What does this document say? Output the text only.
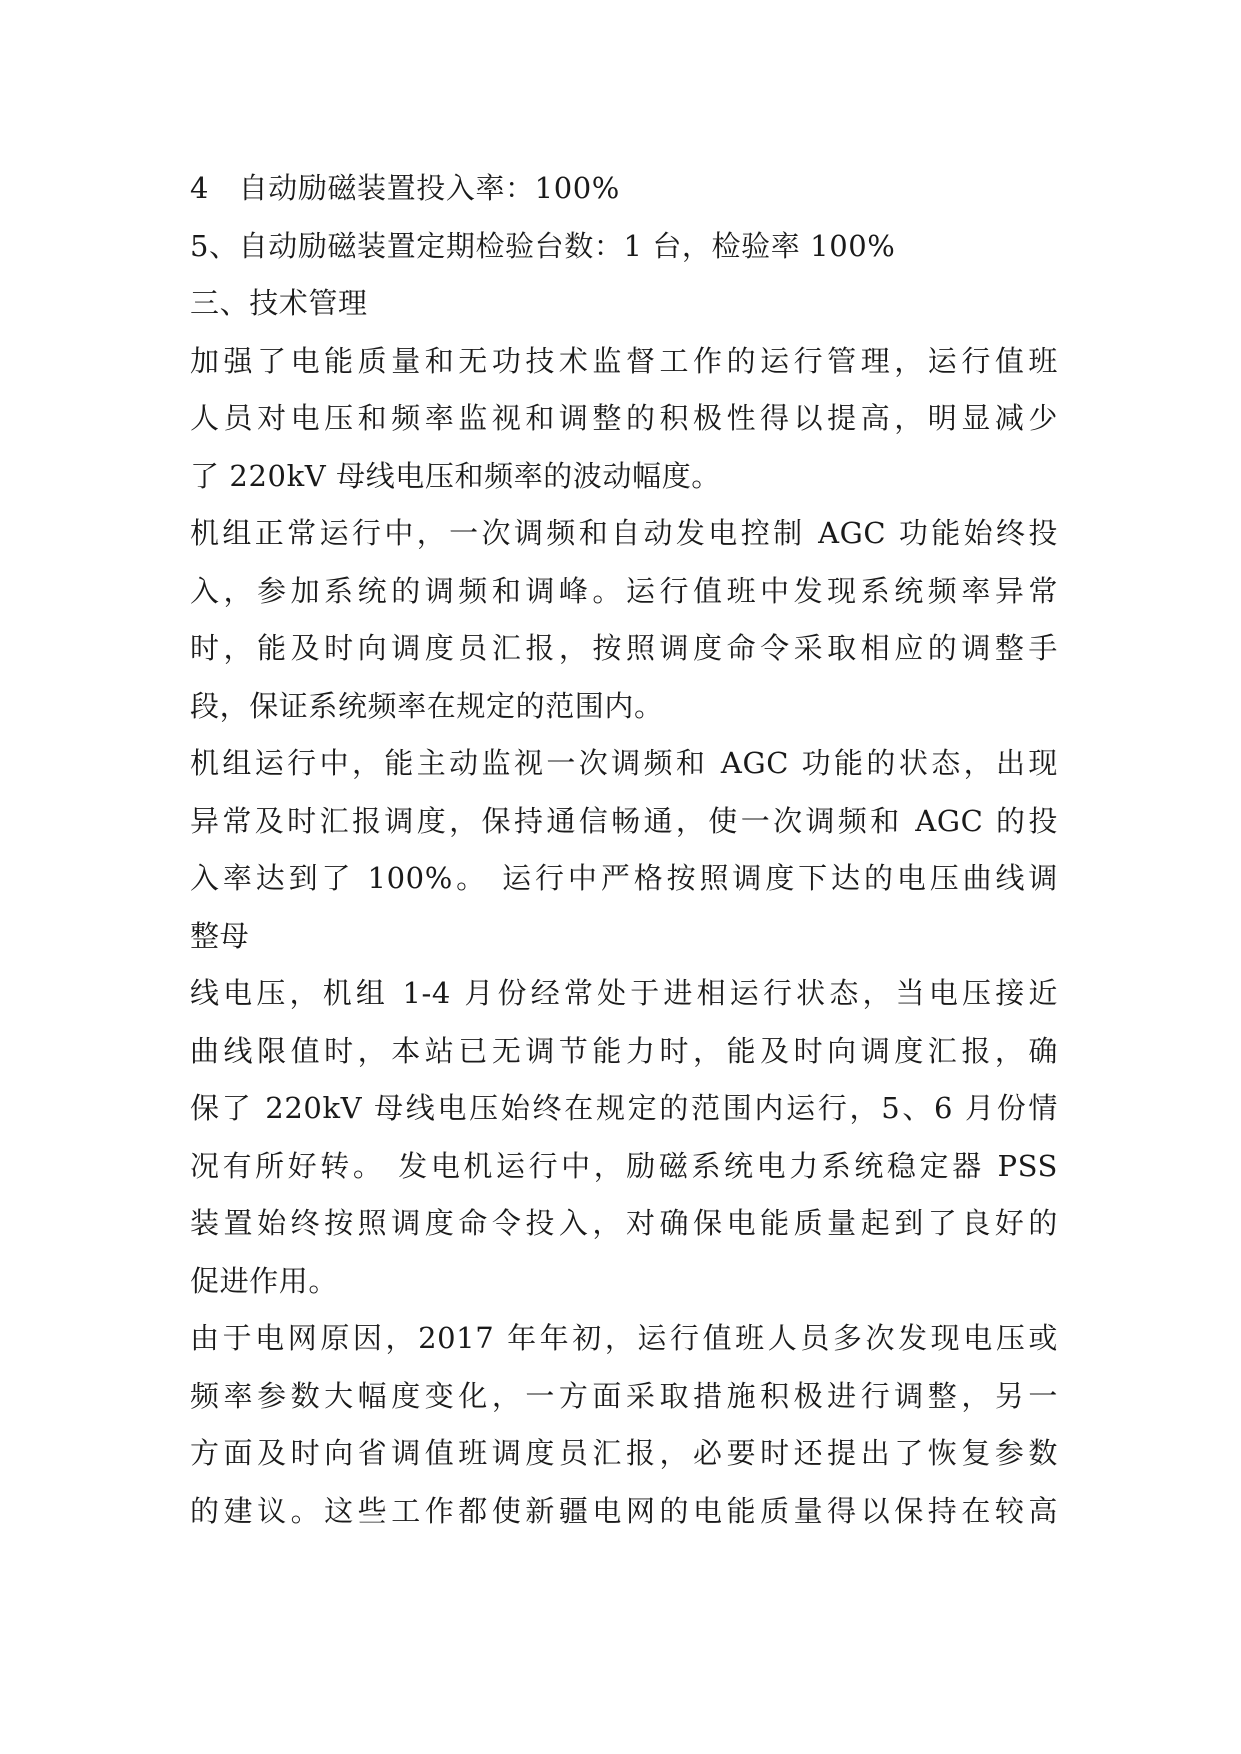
4　自动励磁装置投入率：100%
5、自动励磁装置定期检验台数：1 台，检验率 100%
三、技术管理
加强了电能质量和无功技术监督工作的运行管理，运行值班
人员对电压和频率监视和调整的积极性得以提高，明显减少
了 220kV 母线电压和频率的波动幅度。
机组正常运行中，一次调频和自动发电控制 AGC 功能始终投
入，参加系统的调频和调峰。运行值班中发现系统频率异常
时，能及时向调度员汇报，按照调度命令采取相应的调整手
段，保证系统频率在规定的范围内。
机组运行中，能主动监视一次调频和 AGC 功能的状态，出现
异常及时汇报调度，保持通信畅通，使一次调频和 AGC 的投
入率达到了 100%。 运行中严格按照调度下达的电压曲线调
整母
线电压，机组 1-4 月份经常处于进相运行状态，当电压接近
曲线限值时，本站已无调节能力时，能及时向调度汇报，确
保了 220kV 母线电压始终在规定的范围内运行，5、6 月份情
况有所好转。 发电机运行中，励磁系统电力系统稳定器 PSS
装置始终按照调度命令投入，对确保电能质量起到了良好的
促进作用。
由于电网原因，2017 年年初，运行值班人员多次发现电压或
频率参数大幅度变化，一方面采取措施积极进行调整，另一
方面及时向省调值班调度员汇报，必要时还提出了恢复参数
的建议。这些工作都使新疆电网的电能质量得以保持在较高
